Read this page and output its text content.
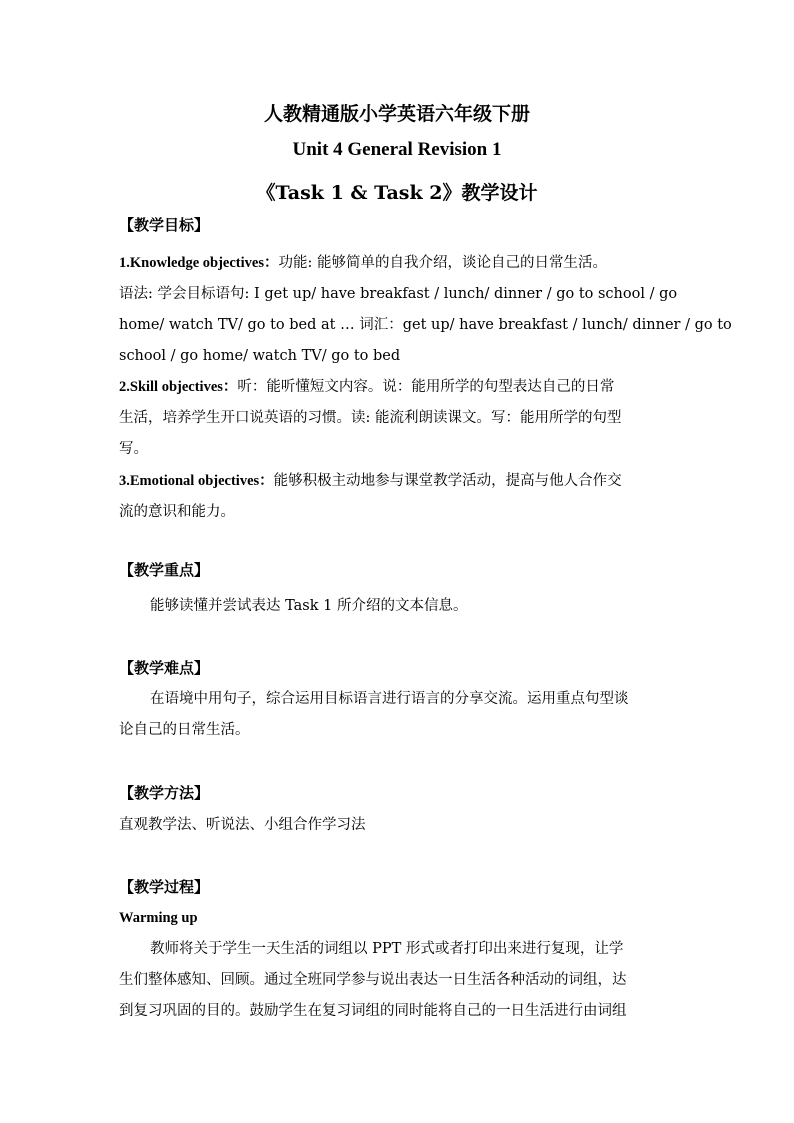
人教精通版小学英语六年级下册
Unit 4 General Revision 1
《Task 1 & Task 2》教学设计
【教学目标】
1.Knowledge objectives：功能: 能够简单的自我介绍，谈论自己的日常生活。
语法: 学会目标语句: I get up/ have breakfast / lunch/ dinner / go to school / go
home/ watch TV/ go to bed at … 词汇：get up/ have breakfast / lunch/ dinner / go to
school / go home/ watch TV/ go to bed
2.Skill objectives：听：能听懂短文内容。说：能用所学的句型表达自己的日常
生活，培养学生开口说英语的习惯。读: 能流利朗读课文。写：能用所学的句型
写。
3.Emotional objectives：能够积极主动地参与课堂教学活动，提高与他人合作交
流的意识和能力。
【教学重点】
能够读懂并尝试表达 Task 1 所介绍的文本信息。
【教学难点】
在语境中用句子，综合运用目标语言进行语言的分享交流。运用重点句型谈
论自己的日常生活。
【教学方法】
直观教学法、听说法、小组合作学习法
【教学过程】
Warming up
教师将关于学生一天生活的词组以 PPT 形式或者打印出来进行复现，让学
生们整体感知、回顾。通过全班同学参与说出表达一日生活各种活动的词组，达
到复习巩固的目的。鼓励学生在复习词组的同时能将自己的一日生活进行由词组
